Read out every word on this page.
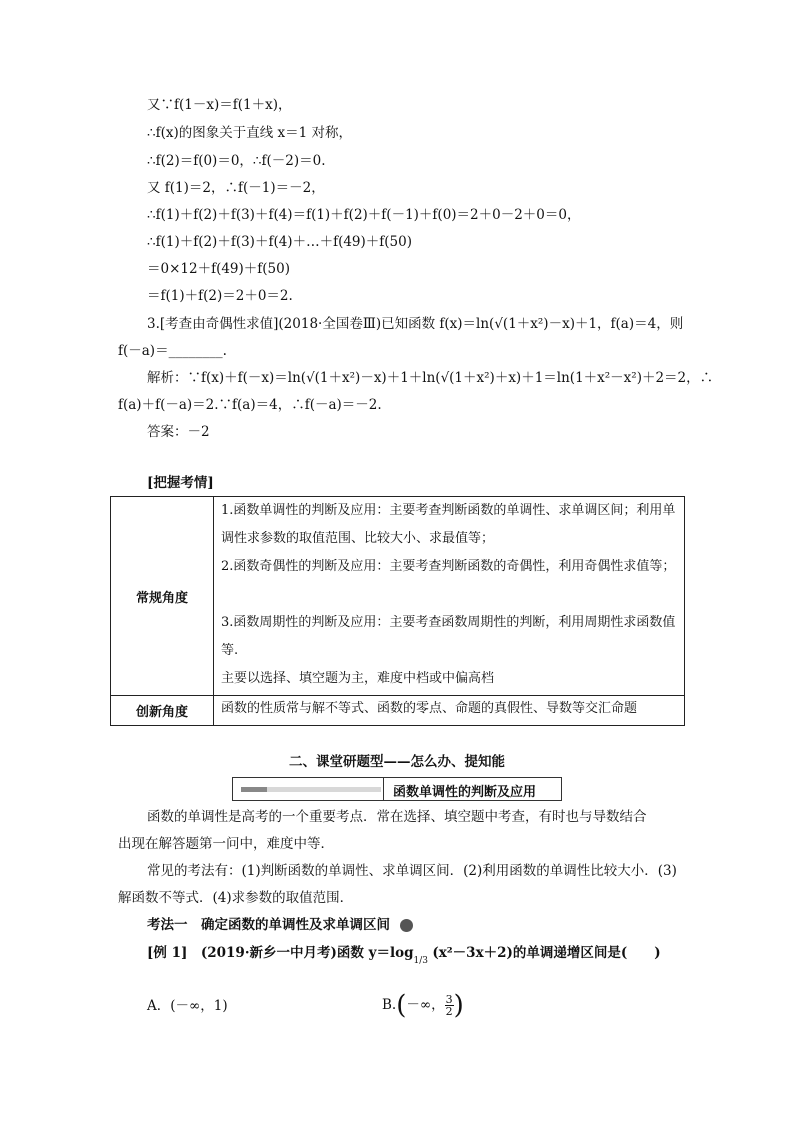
又∵f(1－x)＝f(1＋x)，
∴f(x)的图象关于直线 x＝1 对称，
∴f(2)＝f(0)＝0，∴f(－2)＝0.
又 f(1)＝2，∴f(－1)＝－2，
∴f(1)＋f(2)＋f(3)＋f(4)＝f(1)＋f(2)＋f(－1)＋f(0)＝2＋0－2＋0＝0，
∴f(1)＋f(2)＋f(3)＋f(4)＋…＋f(49)＋f(50)
＝0×12＋f(49)＋f(50)
＝f(1)＋f(2)＝2＋0＝2.
3.[考查由奇偶性求值](2018·全国卷Ⅲ)已知函数 f(x)＝ln(√(1＋x²)－x)＋1，f(a)＝4，则
f(－a)＝________.
解析：∵f(x)＋f(－x)＝ln(√(1＋x²)－x)＋1＋ln(√(1＋x²)＋x)＋1＝ln(1＋x²－x²)＋2＝2，∴
f(a)＋f(－a)＝2.∵f(a)＝4，∴f(－a)＝－2.
答案：－2
[把握考情]
常规角度
1.函数单调性的判断及应用：主要考查判断函数的单调性、求单调区间；利用单调性求参数的取值范围、比较大小、求最值等；
2.函数奇偶性的判断及应用：主要考查判断函数的奇偶性，利用奇偶性求值等；
3.函数周期性的判断及应用：主要考查函数周期性的判断，利用周期性求函数值等.
主要以选择、填空题为主，难度中档或中偏高档
创新角度	函数的性质常与解不等式、函数的零点、命题的真假性、导数等交汇命题
二、课堂研题型——怎么办、提知能
函数单调性的判断及应用
函数的单调性是高考的一个重要考点．常在选择、填空题中考查，有时也与导数结合
出现在解答题第一问中，难度中等．
常见的考法有：(1)判断函数的单调性、求单调区间．(2)利用函数的单调性比较大小．(3)
解函数不等式．(4)求参数的取值范围．
考法一　确定函数的单调性及求单调区间
[例 1]　(2019·新乡一中月考)函数 $y=\log_{1/3}$ (x²－3x＋2)的单调递增区间是(　　)
A．(－∞，1)	B.(－∞， $\frac{3}{2}$ )
